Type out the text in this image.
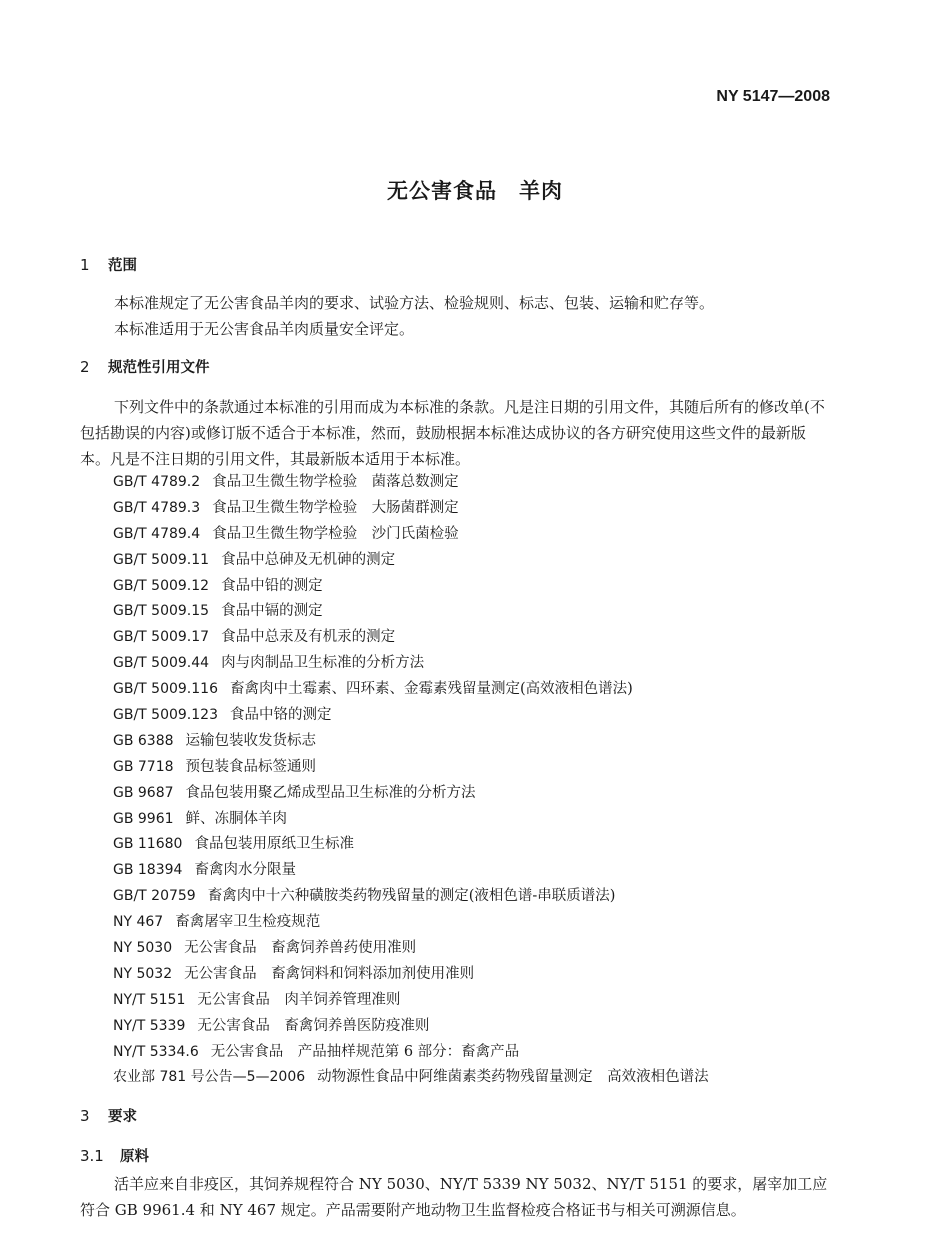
NY 5147—2008
无公害食品　羊肉
1 范围
本标准规定了无公害食品羊肉的要求、试验方法、检验规则、标志、包装、运输和贮存等。
本标准适用于无公害食品羊肉质量安全评定。
2 规范性引用文件
下列文件中的条款通过本标准的引用而成为本标准的条款。凡是注日期的引用文件，其随后所有的修改单(不包括勘误的内容)或修订版不适合于本标准，然而，鼓励根据本标准达成协议的各方研究使用这些文件的最新版本。凡是不注日期的引用文件，其最新版本适用于本标准。
GB/T 4789.2 食品卫生微生物学检验　菌落总数测定
GB/T 4789.3 食品卫生微生物学检验　大肠菌群测定
GB/T 4789.4 食品卫生微生物学检验　沙门氏菌检验
GB/T 5009.11 食品中总砷及无机砷的测定
GB/T 5009.12 食品中铅的测定
GB/T 5009.15 食品中镉的测定
GB/T 5009.17 食品中总汞及有机汞的测定
GB/T 5009.44 肉与肉制品卫生标准的分析方法
GB/T 5009.116 畜禽肉中土霉素、四环素、金霉素残留量测定(高效液相色谱法)
GB/T 5009.123 食品中铬的测定
GB 6388 运输包装收发货标志
GB 7718 预包装食品标签通则
GB 9687 食品包装用聚乙烯成型品卫生标准的分析方法
GB 9961 鲜、冻胴体羊肉
GB 11680 食品包装用原纸卫生标准
GB 18394 畜禽肉水分限量
GB/T 20759 畜禽肉中十六种磺胺类药物残留量的测定(液相色谱-串联质谱法)
NY 467 畜禽屠宰卫生检疫规范
NY 5030 无公害食品　畜禽饲养兽药使用准则
NY 5032 无公害食品　畜禽饲料和饲料添加剂使用准则
NY/T 5151 无公害食品　肉羊饲养管理准则
NY/T 5339 无公害食品　畜禽饲养兽医防疫准则
NY/T 5334.6 无公害食品　产品抽样规范第 6 部分：畜禽产品
农业部 781 号公告—5—2006 动物源性食品中阿维菌素类药物残留量测定　高效液相色谱法
3 要求
3.1 原料
活羊应来自非疫区，其饲养规程符合 NY 5030、NY/T 5339 NY 5032、NY/T 5151 的要求，屠宰加工应符合 GB 9961.4 和 NY 467 规定。产品需要附产地动物卫生监督检疫合格证书与相关可溯源信息。
